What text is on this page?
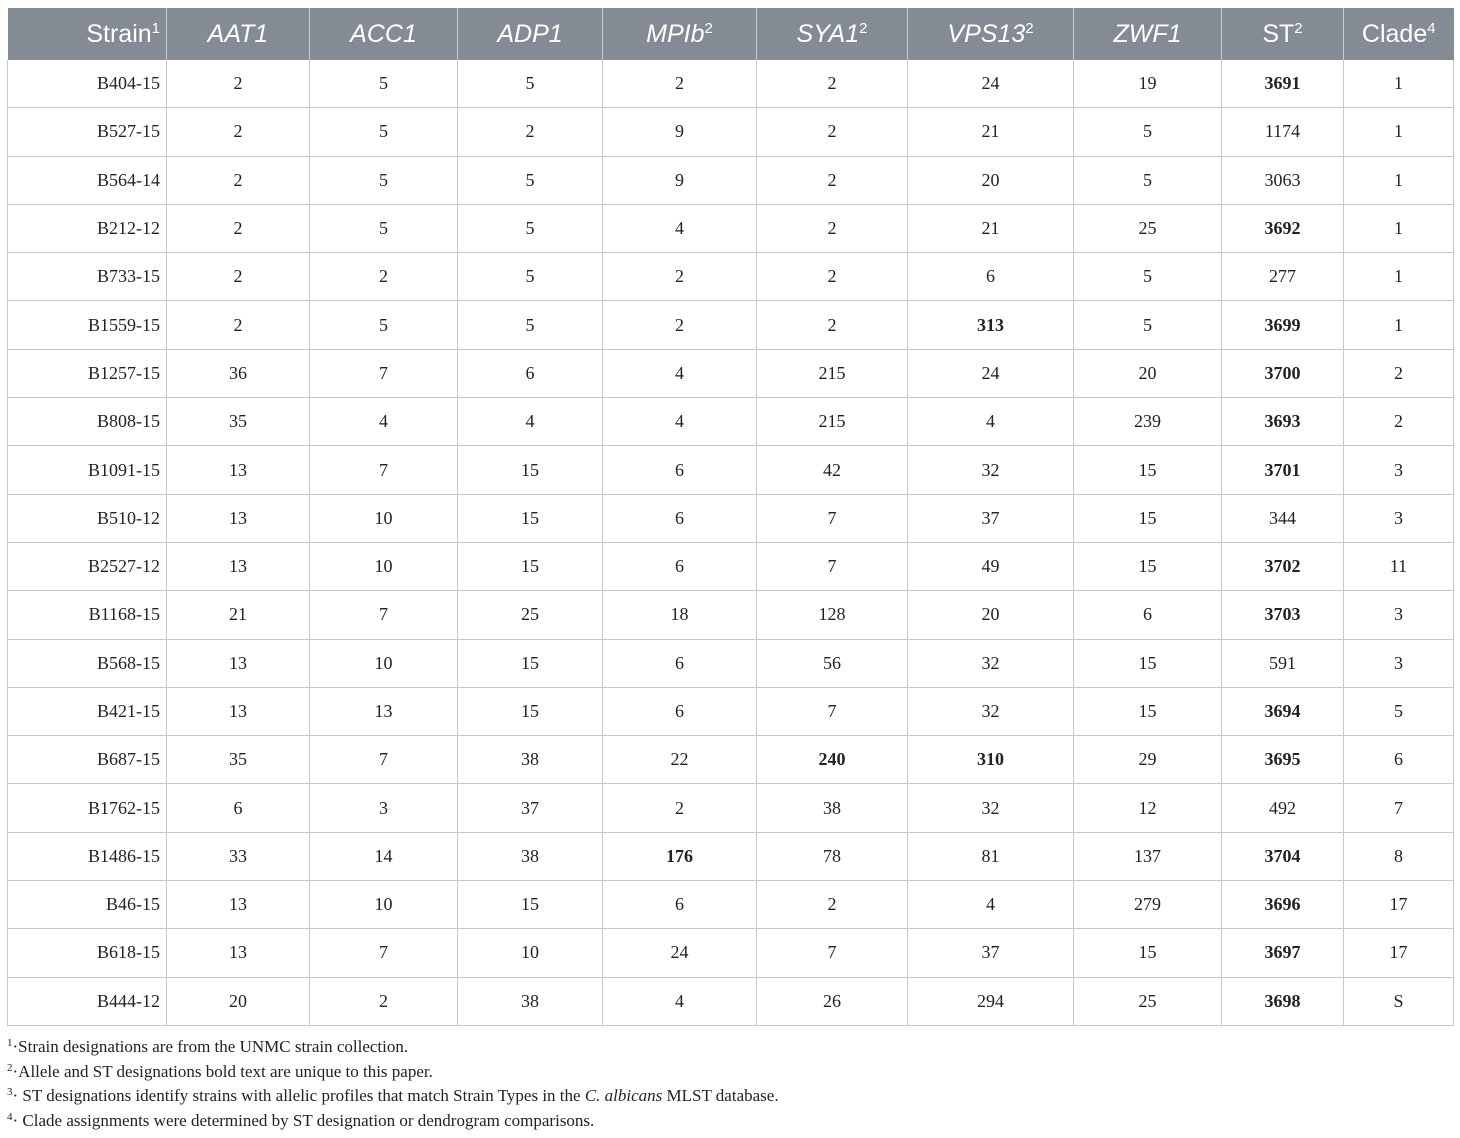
Strain$^1$	AAT1	ACC1	ADP1	MPIb$^2$	$SYA1^2$	$VPS13^2$	ZWF1	$ST^2$	Clade$^4$
B404-15	2	5	5	2	2	24	19	3691	1
B527-15	2	5	2	9	2	21	5	1174	1
B564-14	2	5	5	9	2	20	5	3063	1
B212-12	2	5	5	4	2	21	25	3692	1
B733-15	2	2	5	2	2	6	5	277	1
B1559-15	2	5	5	2	2	313	5	3699	1
B1257-15	36	7	6	4	215	24	20	3700	2
B808-15	35	4	4	4	215	4	239	3693	2
B1091-15	13	7	15	6	42	32	15	3701	3
B510-12	13	10	15	6	7	37	15	344	3
B2527-12	13	10	15	6	7	49	15	3702	11
B1168-15	21	7	25	18	128	20	6	3703	3
B568-15	13	10	15	6	56	32	15	591	3
B421-15	13	13	15	6	7	32	15	3694	5
B687-15	35	7	38	22	240	310	29	3695	6
B1762-15	6	3	37	2	38	32	12	492	7
B1486-15	33	14	38	176	78	81	137	3704	8
B46-15	13	10	15	6	2	4	279	3696	17
B618-15	13	7	10	24	7	37	15	3697	17
B444-12	20	2	38	4	26	294	25	3698	S
$^1$·Strain designations are from the UNMC strain collection.
$^2$·Allele and ST designations bold text are unique to this paper.
$^3$· ST designations identify strains with allelic profiles that match Strain Types in the C. albicans MLST database.
$^4$· Clade assignments were determined by ST designation or dendrogram comparisons.
